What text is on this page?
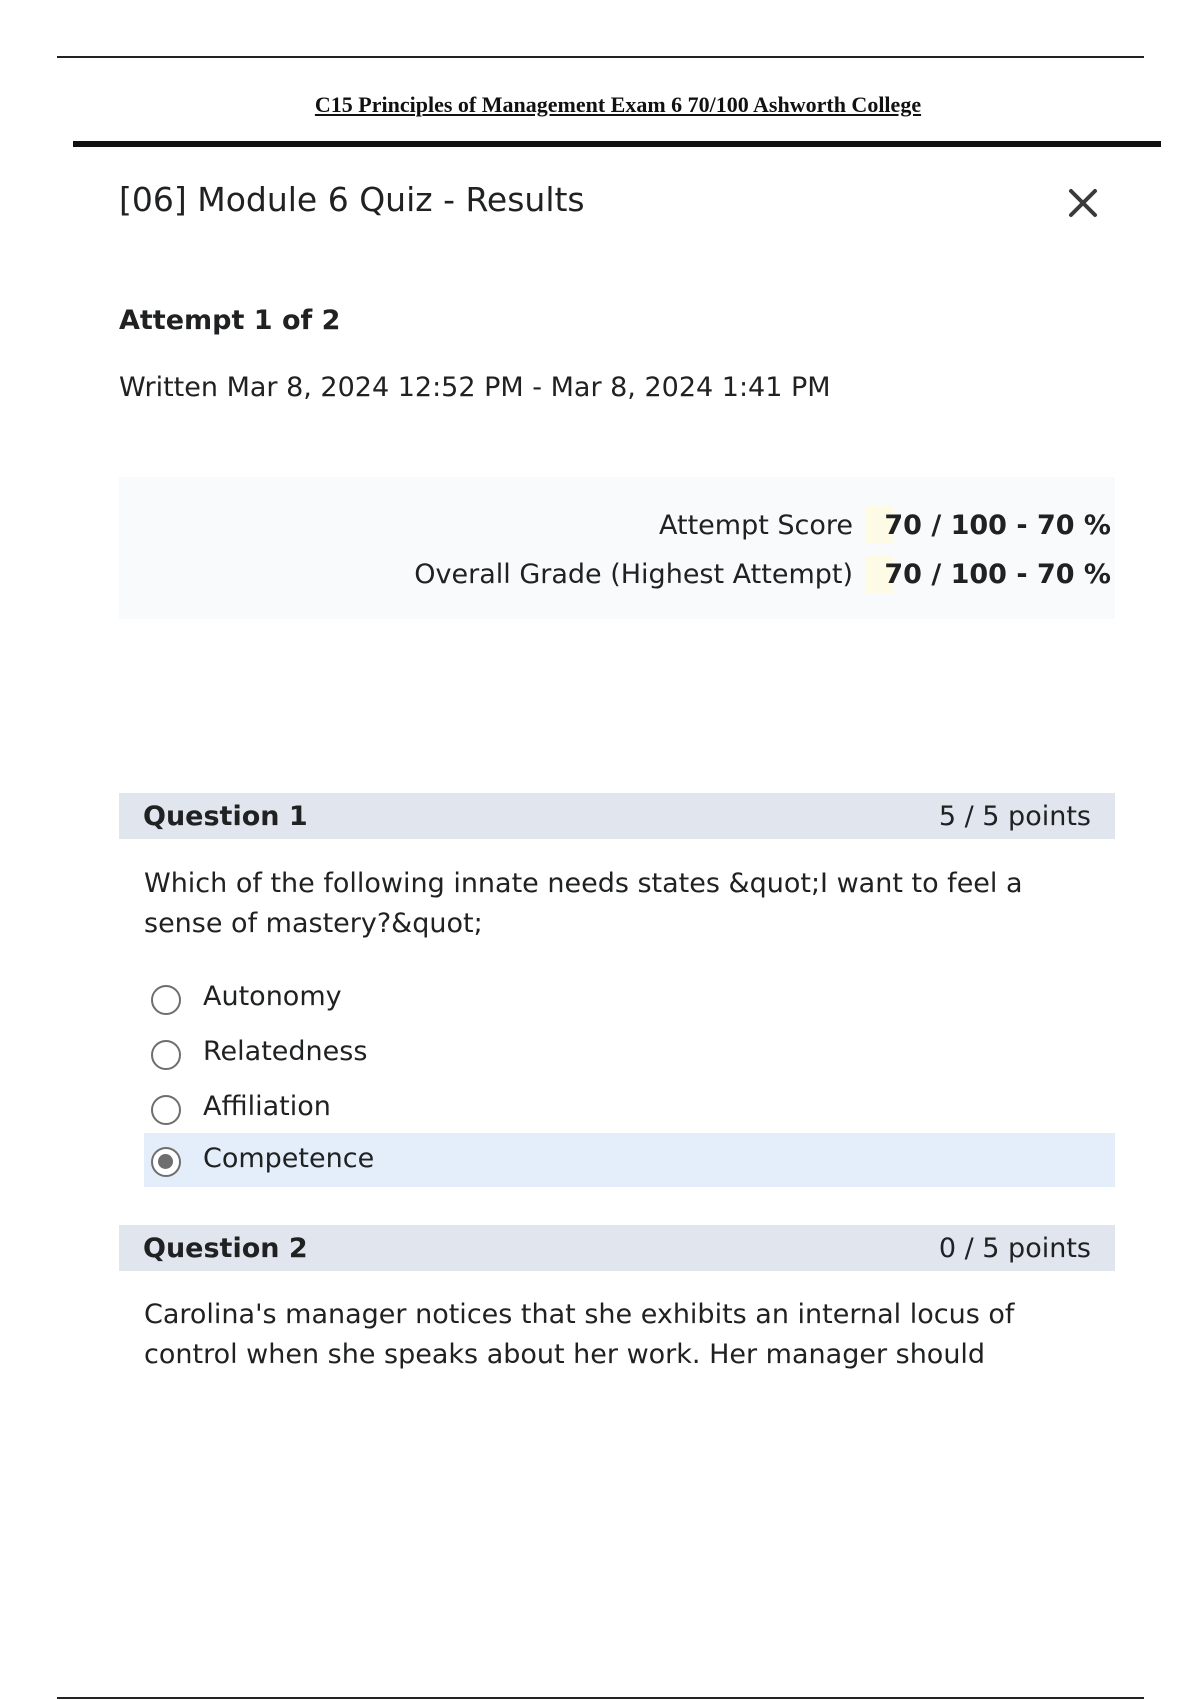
C15 Principles of Management Exam 6 70/100 Ashworth College
[06] Module 6 Quiz - Results
Attempt 1 of 2
Written Mar 8, 2024 12:52 PM - Mar 8, 2024 1:41 PM
Attempt Score 70 / 100 - 70 %
Overall Grade (Highest Attempt) 70 / 100 - 70 %
Question 1	5 / 5 points
Which of the following innate needs states &quot;I want to feel a sense of mastery?&quot;
Autonomy
Relatedness
Affiliation
Competence
Question 2	0 / 5 points
Carolina's manager notices that she exhibits an internal locus of control when she speaks about her work. Her manager should
